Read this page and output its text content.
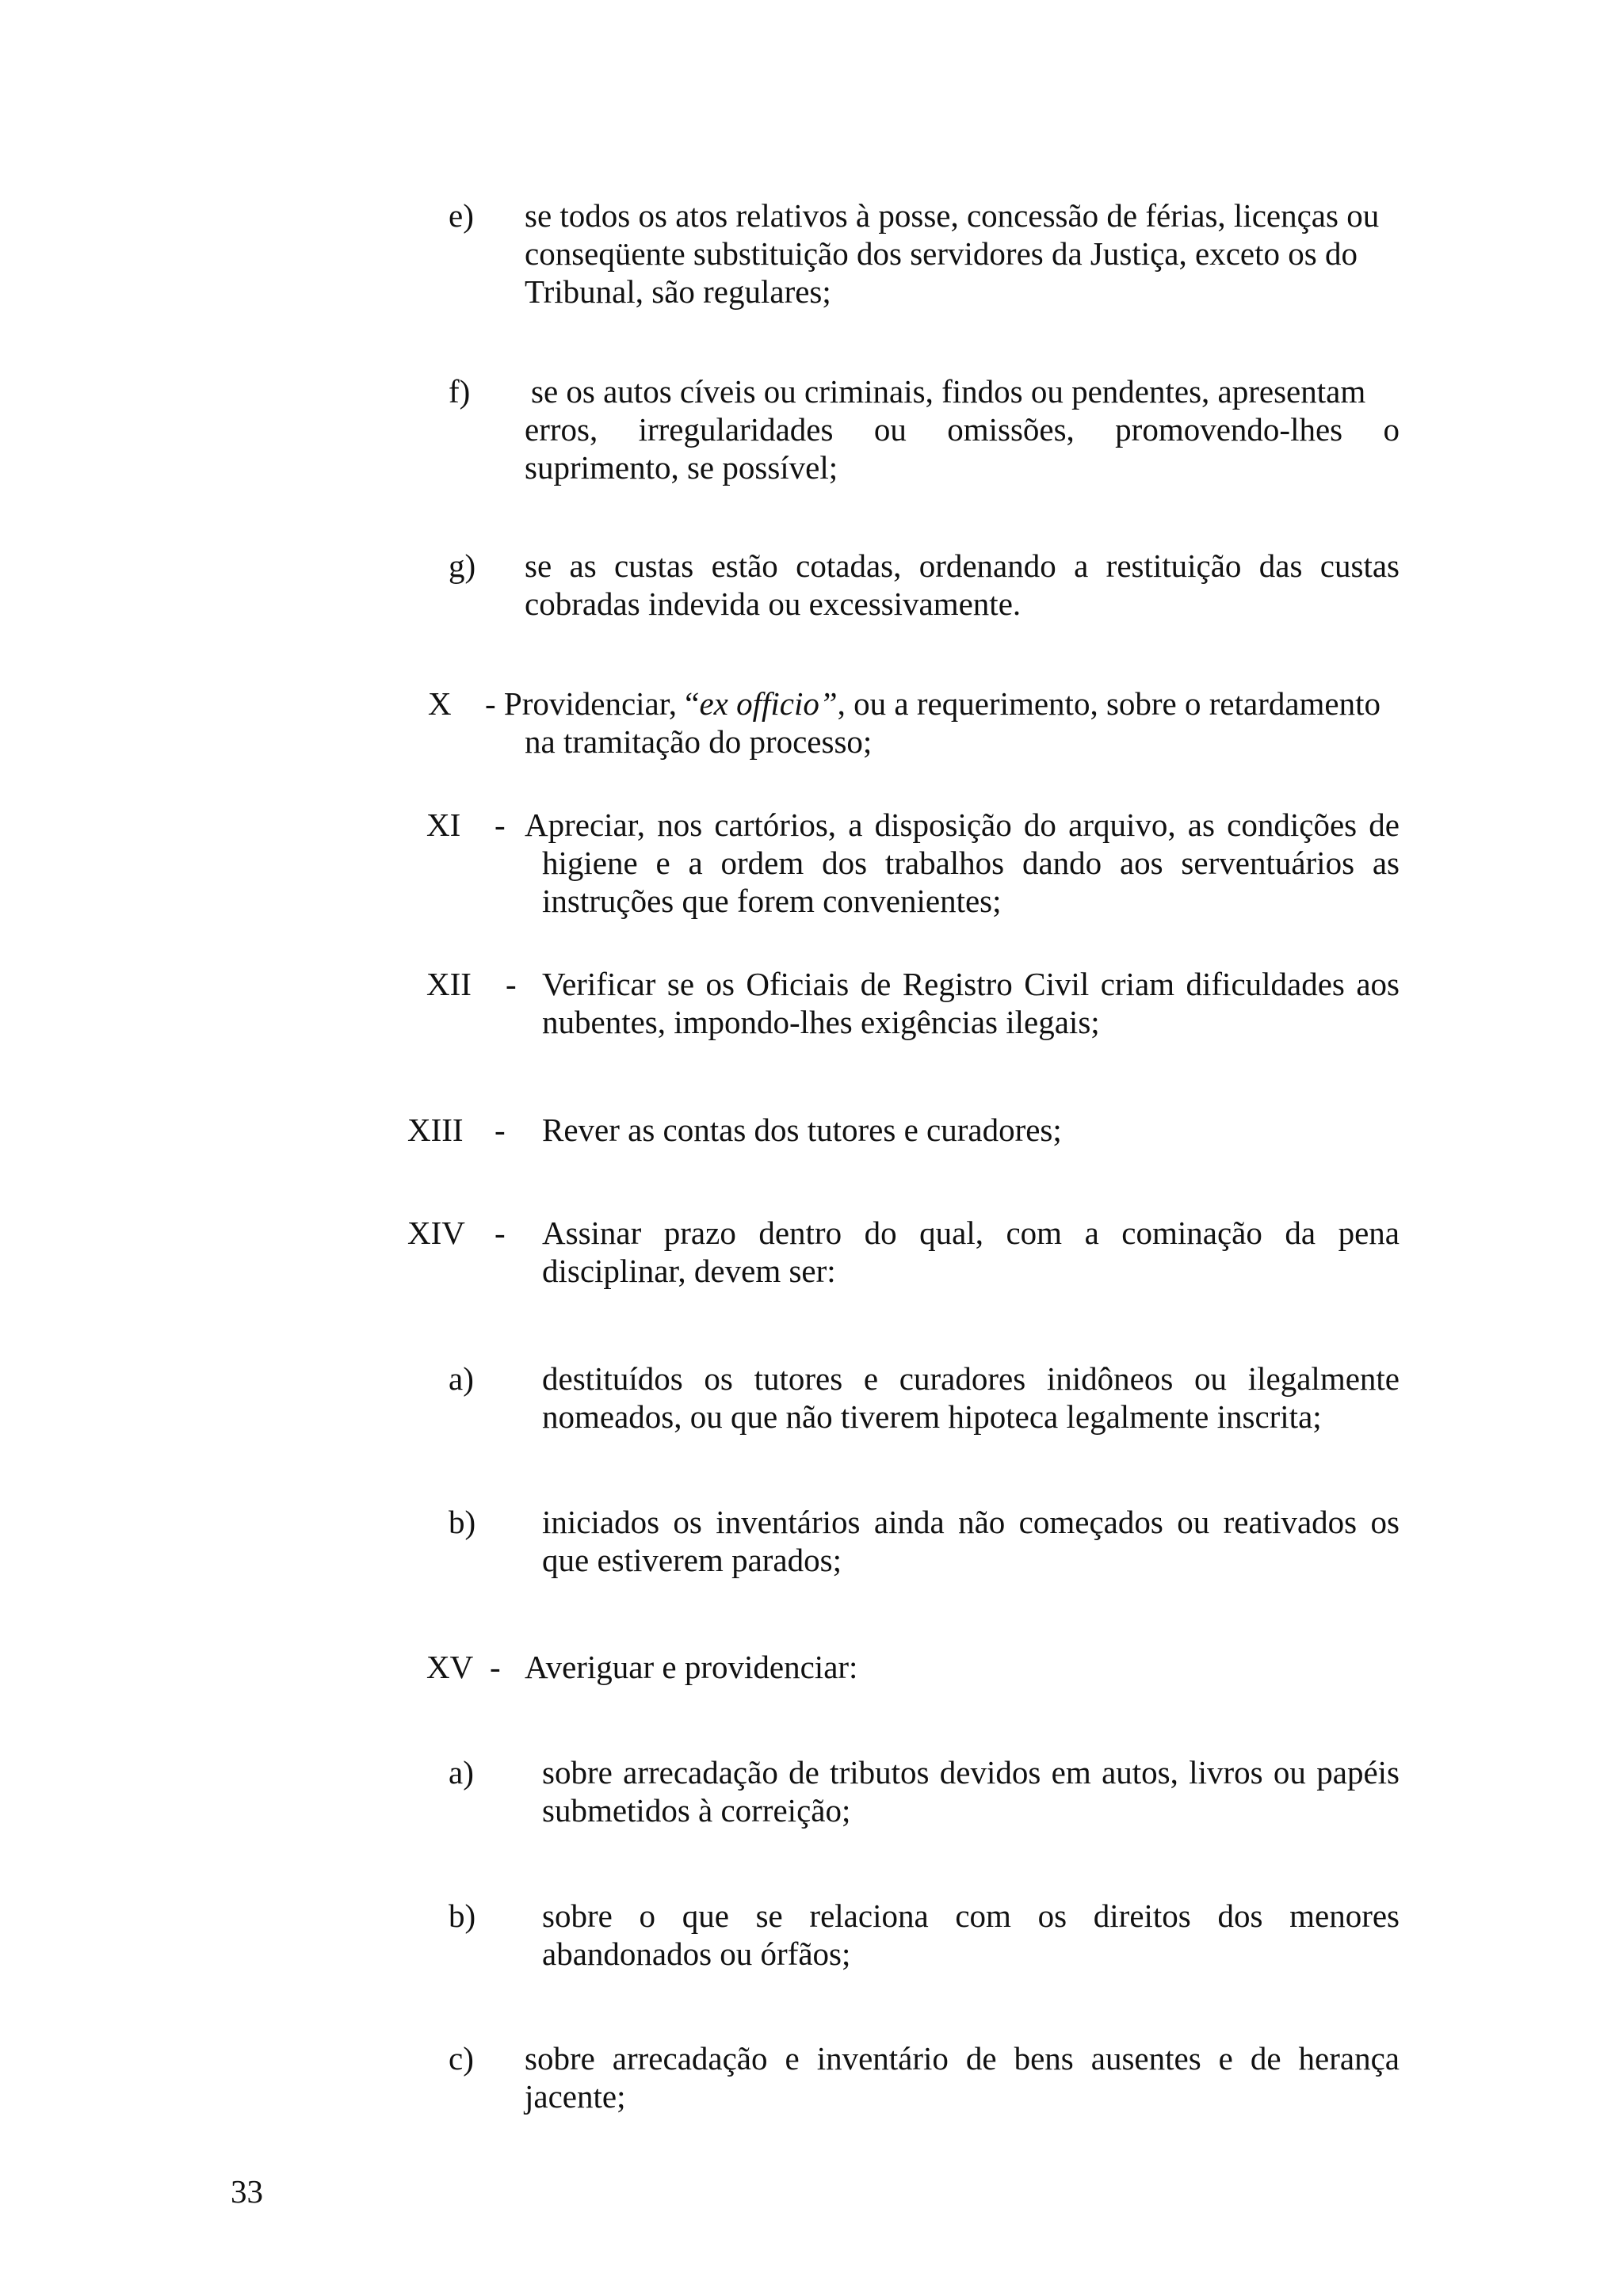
e) se todos os atos relativos à posse, concessão de férias, licenças ou
conseqüente substituição dos servidores da Justiça, exceto os do
Tribunal, são regulares;
f) se os autos cíveis ou criminais, findos ou pendentes, apresentam
erros, irregularidades ou omissões, promovendo-lhes o
suprimento, se possível;
g) se as custas estão cotadas, ordenando a restituição das custas
cobradas indevida ou excessivamente.
X - Providenciar, “ex officio”, ou a requerimento, sobre o retardamento
na tramitação do processo;
XI - Apreciar, nos cartórios, a disposição do arquivo, as condições de
higiene e a ordem dos trabalhos dando aos serventuários as
instruções que forem convenientes;
XII - Verificar se os Oficiais de Registro Civil criam dificuldades aos
nubentes, impondo-lhes exigências ilegais;
XIII - Rever as contas dos tutores e curadores;
XIV - Assinar prazo dentro do qual, com a cominação da pena
disciplinar, devem ser:
a) destituídos os tutores e curadores inidôneos ou ilegalmente
nomeados, ou que não tiverem hipoteca legalmente inscrita;
b) iniciados os inventários ainda não começados ou reativados os
que estiverem parados;
XV - Averiguar e providenciar:
a) sobre arrecadação de tributos devidos em autos, livros ou papéis
submetidos à correição;
b) sobre o que se relaciona com os direitos dos menores
abandonados ou órfãos;
c) sobre arrecadação e inventário de bens ausentes e de herança
jacente;
33
